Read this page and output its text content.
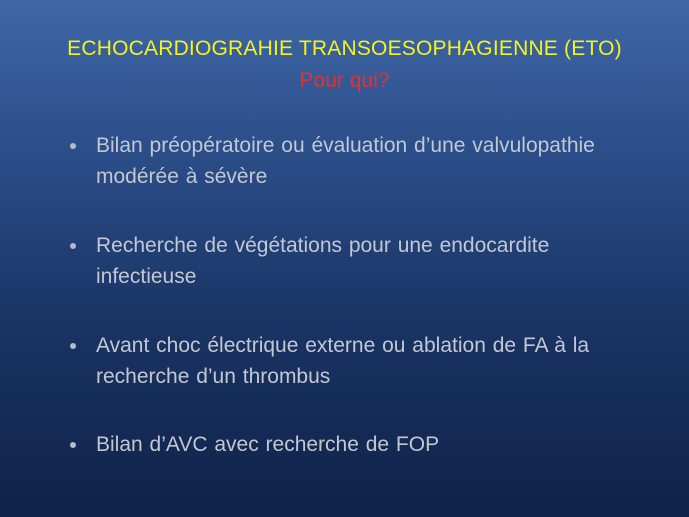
ECHOCARDIOGRAHIE TRANSOESOPHAGIENNE (ETO)
Pour qui?
Bilan préopératoire ou évaluation d’une valvulopathie modérée à sévère
Recherche de végétations pour une endocardite infectieuse
Avant choc électrique externe ou ablation de FA à la recherche d’un thrombus
Bilan d’AVC avec recherche de FOP
